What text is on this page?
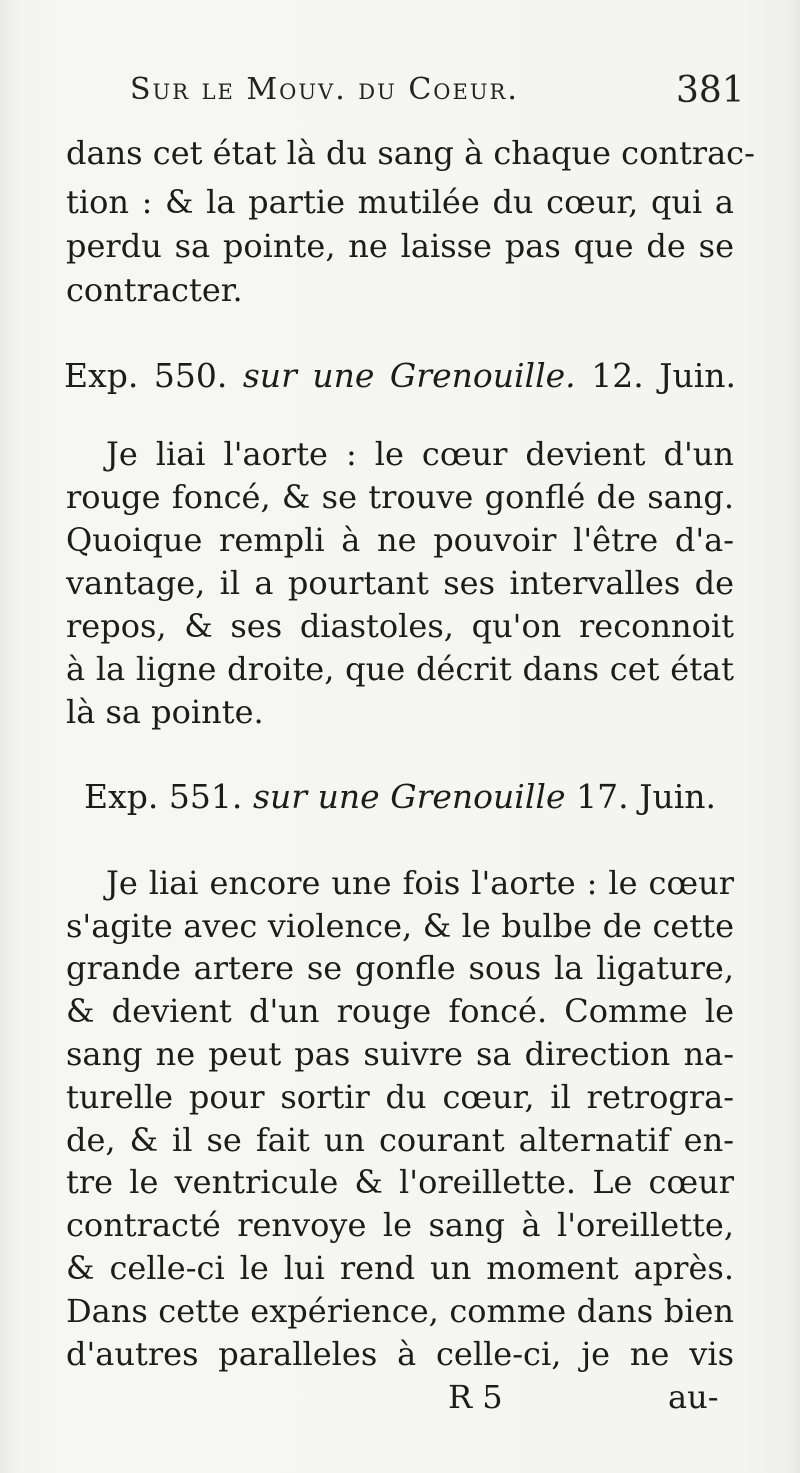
Sur le Mouv. du Coeur.	381
dans cet état là du sang à chaque contrac-
tion : & la partie mutilée du cœur, qui a
perdu sa pointe, ne laisse pas que de se
contracter.
Exp. 550. sur une Grenouille. 12. Juin.
Je liai l'aorte : le cœur devient d'un
rouge foncé, & se trouve gonflé de sang.
Quoique rempli à ne pouvoir l'être d'a-
vantage, il a pourtant ses intervalles de
repos, & ses diastoles, qu'on reconnoit
à la ligne droite, que décrit dans cet état
là sa pointe.
Exp. 551. sur une Grenouille 17. Juin.
Je liai encore une fois l'aorte : le cœur
s'agite avec violence, & le bulbe de cette
grande artere se gonfle sous la ligature,
& devient d'un rouge foncé. Comme le
sang ne peut pas suivre sa direction na-
turelle pour sortir du cœur, il retrogra-
de, & il se fait un courant alternatif en-
tre le ventricule & l'oreillette. Le cœur
contracté renvoye le sang à l'oreillette,
& celle-ci le lui rend un moment après.
Dans cette expérience, comme dans bien
d'autres paralleles à celle-ci, je ne vis
R 5	au-
